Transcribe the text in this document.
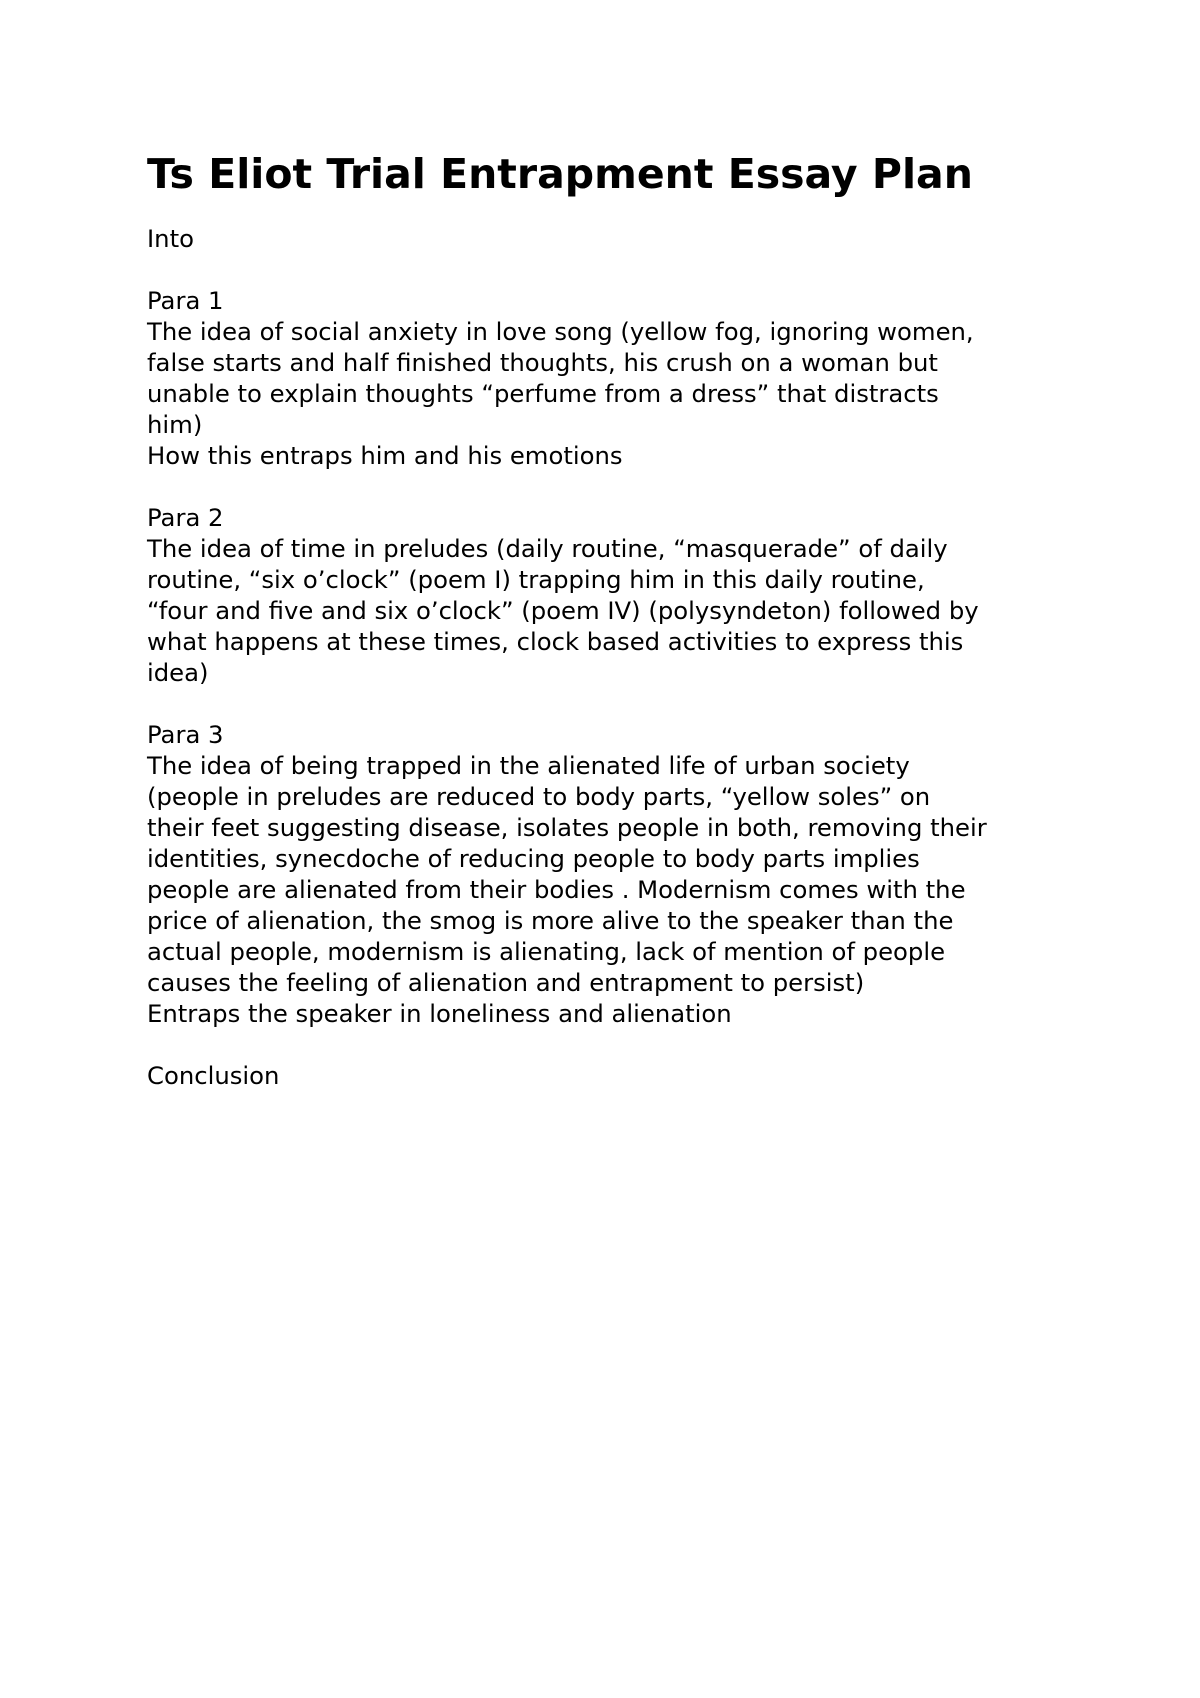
Ts Eliot Trial Entrapment Essay Plan
Into
Para 1
The idea of social anxiety in love song (yellow fog, ignoring women,
false starts and half finished thoughts, his crush on a woman but
unable to explain thoughts “perfume from a dress” that distracts
him)
How this entraps him and his emotions
Para 2
The idea of time in preludes (daily routine, “masquerade” of daily
routine, “six o’clock” (poem I) trapping him in this daily routine,
“four and five and six o’clock” (poem IV) (polysyndeton) followed by
what happens at these times, clock based activities to express this
idea)
Para 3
The idea of being trapped in the alienated life of urban society
(people in preludes are reduced to body parts, “yellow soles” on
their feet suggesting disease, isolates people in both, removing their
identities, synecdoche of reducing people to body parts implies
people are alienated from their bodies . Modernism comes with the
price of alienation, the smog is more alive to the speaker than the
actual people, modernism is alienating, lack of mention of people
causes the feeling of alienation and entrapment to persist)
Entraps the speaker in loneliness and alienation
Conclusion
